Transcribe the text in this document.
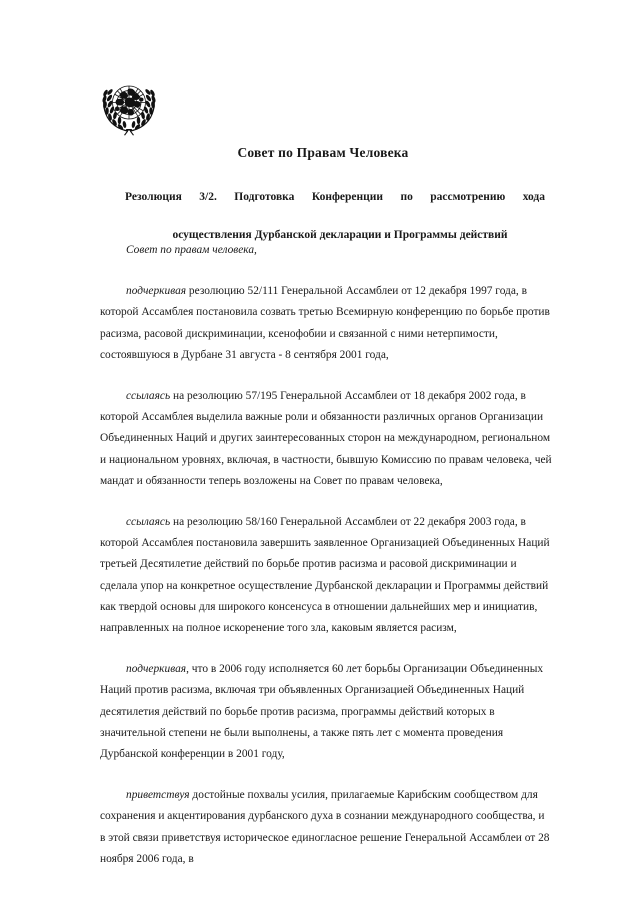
Совет по Правам Человека
Резолюция 3/2. Подготовка Конференции по рассмотрению хода
осуществления Дурбанской декларации и Программы действий

Совет по правам человека,

подчеркивая резолюцию 52/111 Генеральной Ассамблеи от 12 декабря 1997 года, в которой Ассамблея постановила созвать третью Всемирную конференцию по борьбе против расизма, расовой дискриминации, ксенофобии и связанной с ними нетерпимости, состоявшуюся в Дурбане 31 августа - 8 сентября 2001 года,

ссылаясь на резолюцию 57/195 Генеральной Ассамблеи от 18 декабря 2002 года, в которой Ассамблея выделила важные роли и обязанности различных органов Организации Объединенных Наций и других заинтересованных сторон на международном, региональном и национальном уровнях, включая, в частности, бывшую Комиссию по правам человека, чей мандат и обязанности теперь возложены на Совет по правам человека,

ссылаясь на резолюцию 58/160 Генеральной Ассамблеи от 22 декабря 2003 года, в которой Ассамблея постановила завершить заявленное Организацией Объединенных Наций третьей Десятилетие действий по борьбе против расизма и расовой дискриминации и сделала упор на конкретное осуществление Дурбанской декларации и Программы действий как твердой основы для широкого консенсуса в отношении дальнейших мер и инициатив, направленных на полное искоренение того зла, каковым является расизм,

подчеркивая, что в 2006 году исполняется 60 лет борьбы Организации Объединенных Наций против расизма, включая три объявленных Организацией Объединенных Наций десятилетия действий по борьбе против расизма, программы действий которых в значительной степени не были выполнены, а также пять лет с момента проведения Дурбанской конференции в 2001 году,

приветствуя достойные похвалы усилия, прилагаемые Карибским сообществом для сохранения и акцентирования дурбанского духа в сознании международного сообщества, и в этой связи приветствуя историческое единогласное решение Генеральной Ассамблеи от 28 ноября 2006 года, в
